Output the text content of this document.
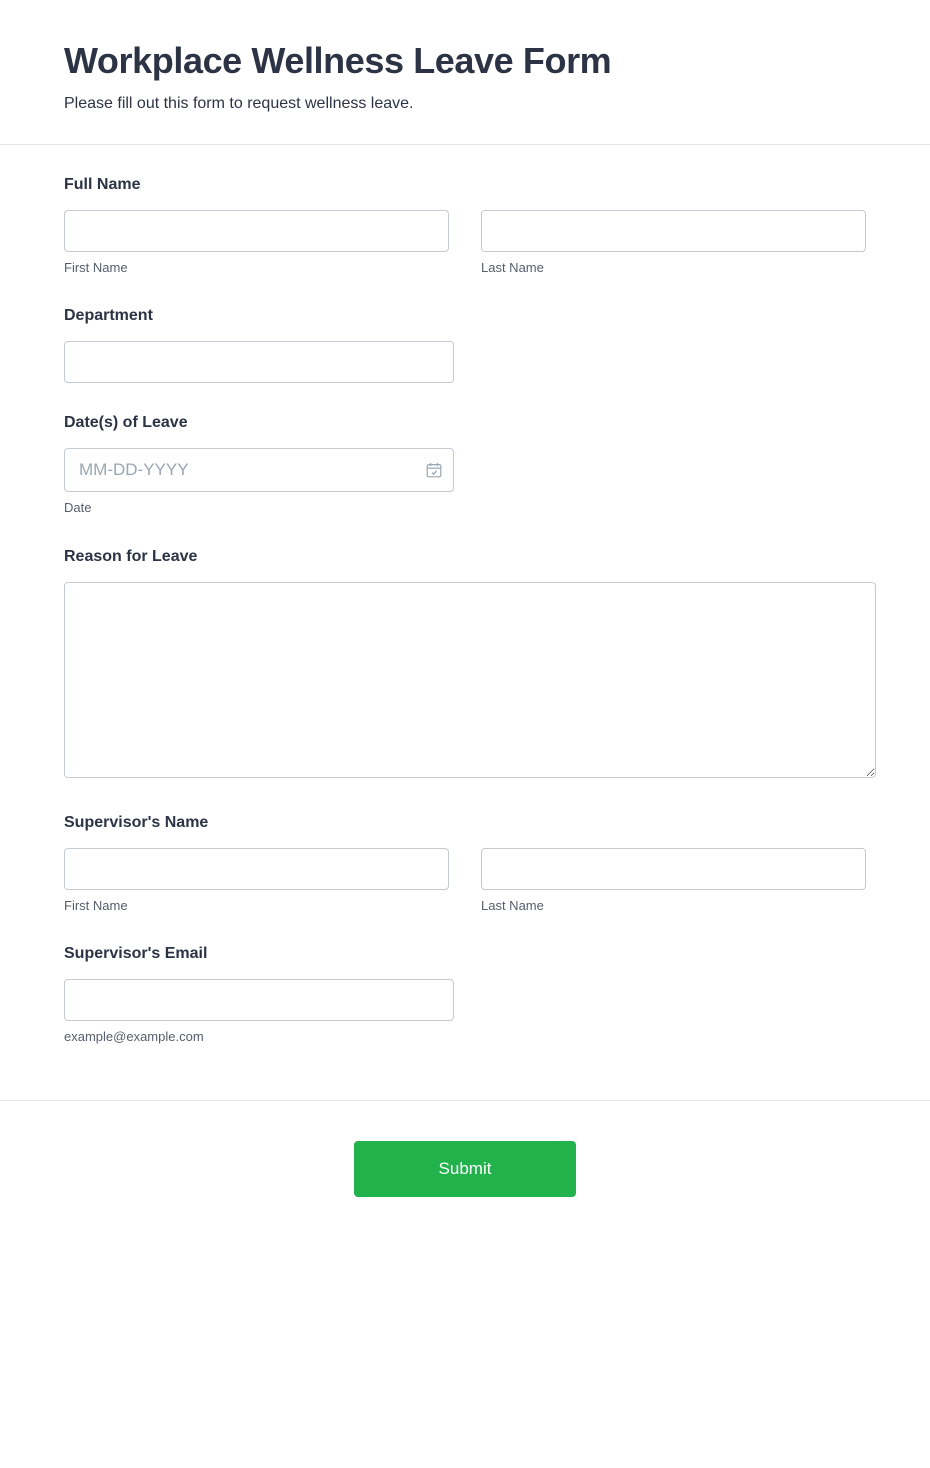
Workplace Wellness Leave Form

Please fill out this form to request wellness leave.

Full Name
First Name	Last Name
Department
Date(s) of Leave
MM-DD-YYYY
Date
Reason for Leave
Supervisor's Name
First Name	Last Name
Supervisor's Email
example@example.com
Submit
